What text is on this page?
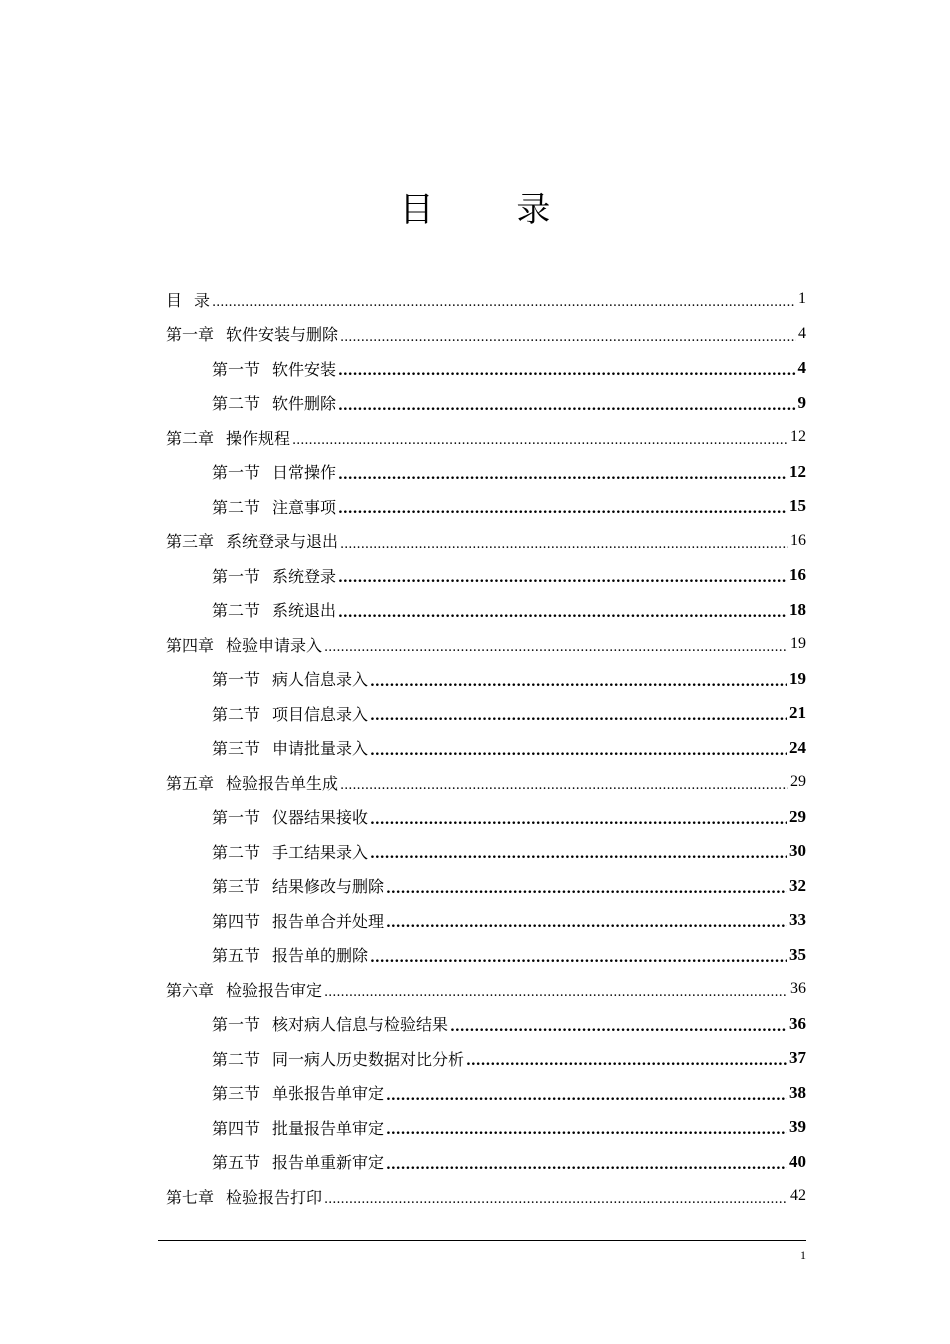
目 录
目 录 .....	1
第一章 软件安装与删除 .....	4
第一节 软件安装 .....	4
第二节 软件删除 .....	9
第二章 操作规程 .....	12
第一节 日常操作 .....	12
第二节 注意事项 .....	15
第三章 系统登录与退出 .....	16
第一节 系统登录 .....	16
第二节 系统退出 .....	18
第四章 检验申请录入 .....	19
第一节 病人信息录入 .....	19
第二节 项目信息录入 .....	21
第三节 申请批量录入 .....	24
第五章 检验报告单生成 .....	29
第一节 仪器结果接收 .....	29
第二节 手工结果录入 .....	30
第三节 结果修改与删除 .....	32
第四节 报告单合并处理 .....	33
第五节 报告单的删除 .....	35
第六章 检验报告审定 .....	36
第一节 核对病人信息与检验结果 .....	36
第二节 同一病人历史数据对比分析 .....	37
第三节 单张报告单审定 .....	38
第四节 批量报告单审定 .....	39
第五节 报告单重新审定 .....	40
第七章 检验报告打印 .....	42
1
